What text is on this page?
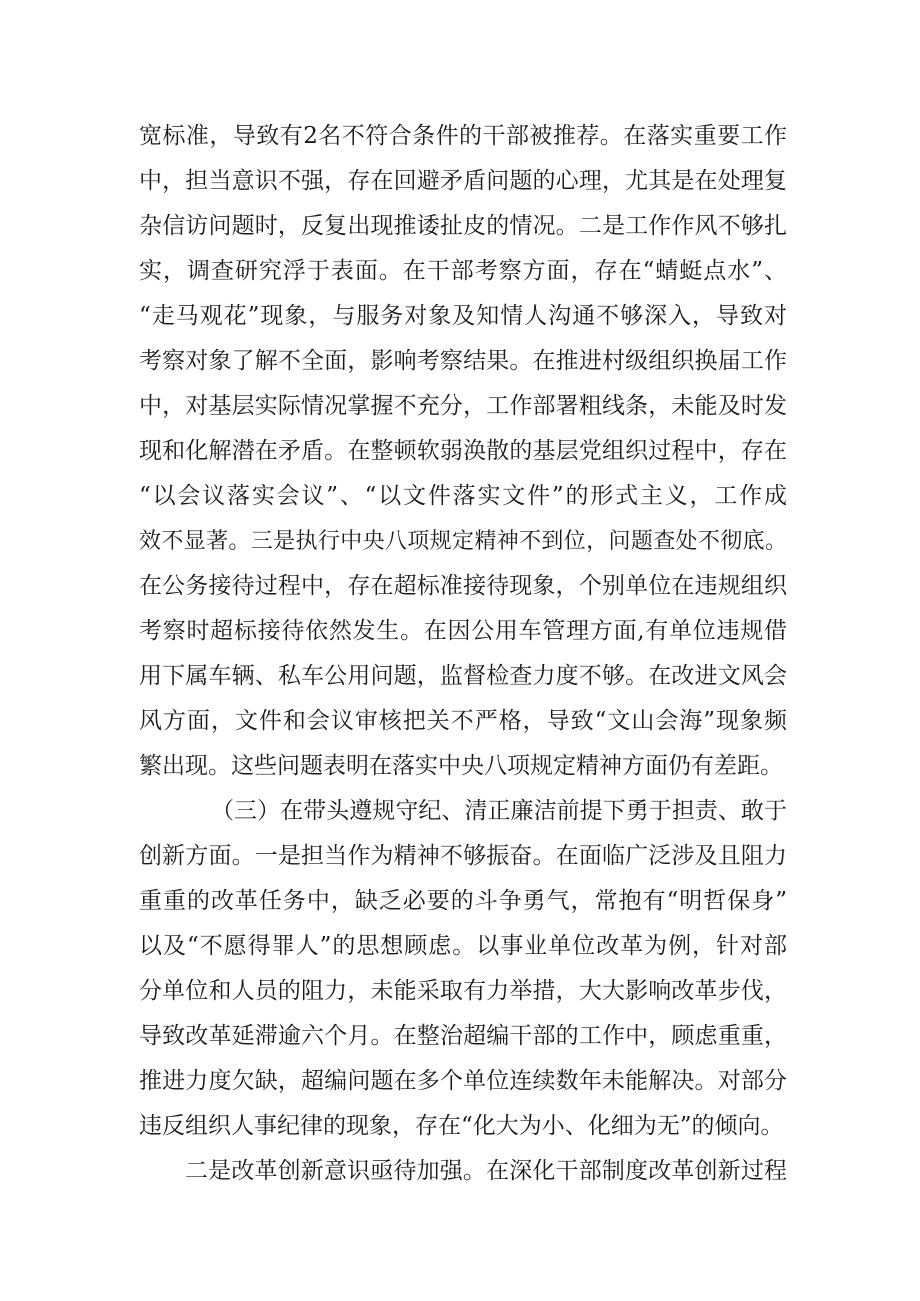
宽标准，导致有2名不符合条件的干部被推荐。在落实重要工作
中，担当意识不强，存在回避矛盾问题的心理，尤其是在处理复
杂信访问题时，反复出现推诿扯皮的情况。二是工作作风不够扎
实，调查研究浮于表面。在干部考察方面，存在“蜻蜓点水”、
“走马观花”现象，与服务对象及知情人沟通不够深入，导致对
考察对象了解不全面，影响考察结果。在推进村级组织换届工作
中，对基层实际情况掌握不充分，工作部署粗线条，未能及时发
现和化解潜在矛盾。在整顿软弱涣散的基层党组织过程中，存在
“以会议落实会议”、“以文件落实文件”的形式主义，工作成
效不显著。三是执行中央八项规定精神不到位，问题查处不彻底。
在公务接待过程中，存在超标准接待现象，个别单位在违规组织
考察时超标接待依然发生。在因公用车管理方面,有单位违规借
用下属车辆、私车公用问题，监督检查力度不够。在改进文风会
风方面，文件和会议审核把关不严格，导致“文山会海”现象频
繁出现。这些问题表明在落实中央八项规定精神方面仍有差距。
（三）在带头遵规守纪、清正廉洁前提下勇于担责、敢于
创新方面。一是担当作为精神不够振奋。在面临广泛涉及且阻力
重重的改革任务中，缺乏必要的斗争勇气，常抱有“明哲保身”
以及“不愿得罪人”的思想顾虑。以事业单位改革为例，针对部
分单位和人员的阻力，未能采取有力举措，大大影响改革步伐，
导致改革延滞逾六个月。在整治超编干部的工作中，顾虑重重，
推进力度欠缺，超编问题在多个单位连续数年未能解决。对部分
违反组织人事纪律的现象，存在“化大为小、化细为无”的倾向。
二是改革创新意识亟待加强。在深化干部制度改革创新过程
